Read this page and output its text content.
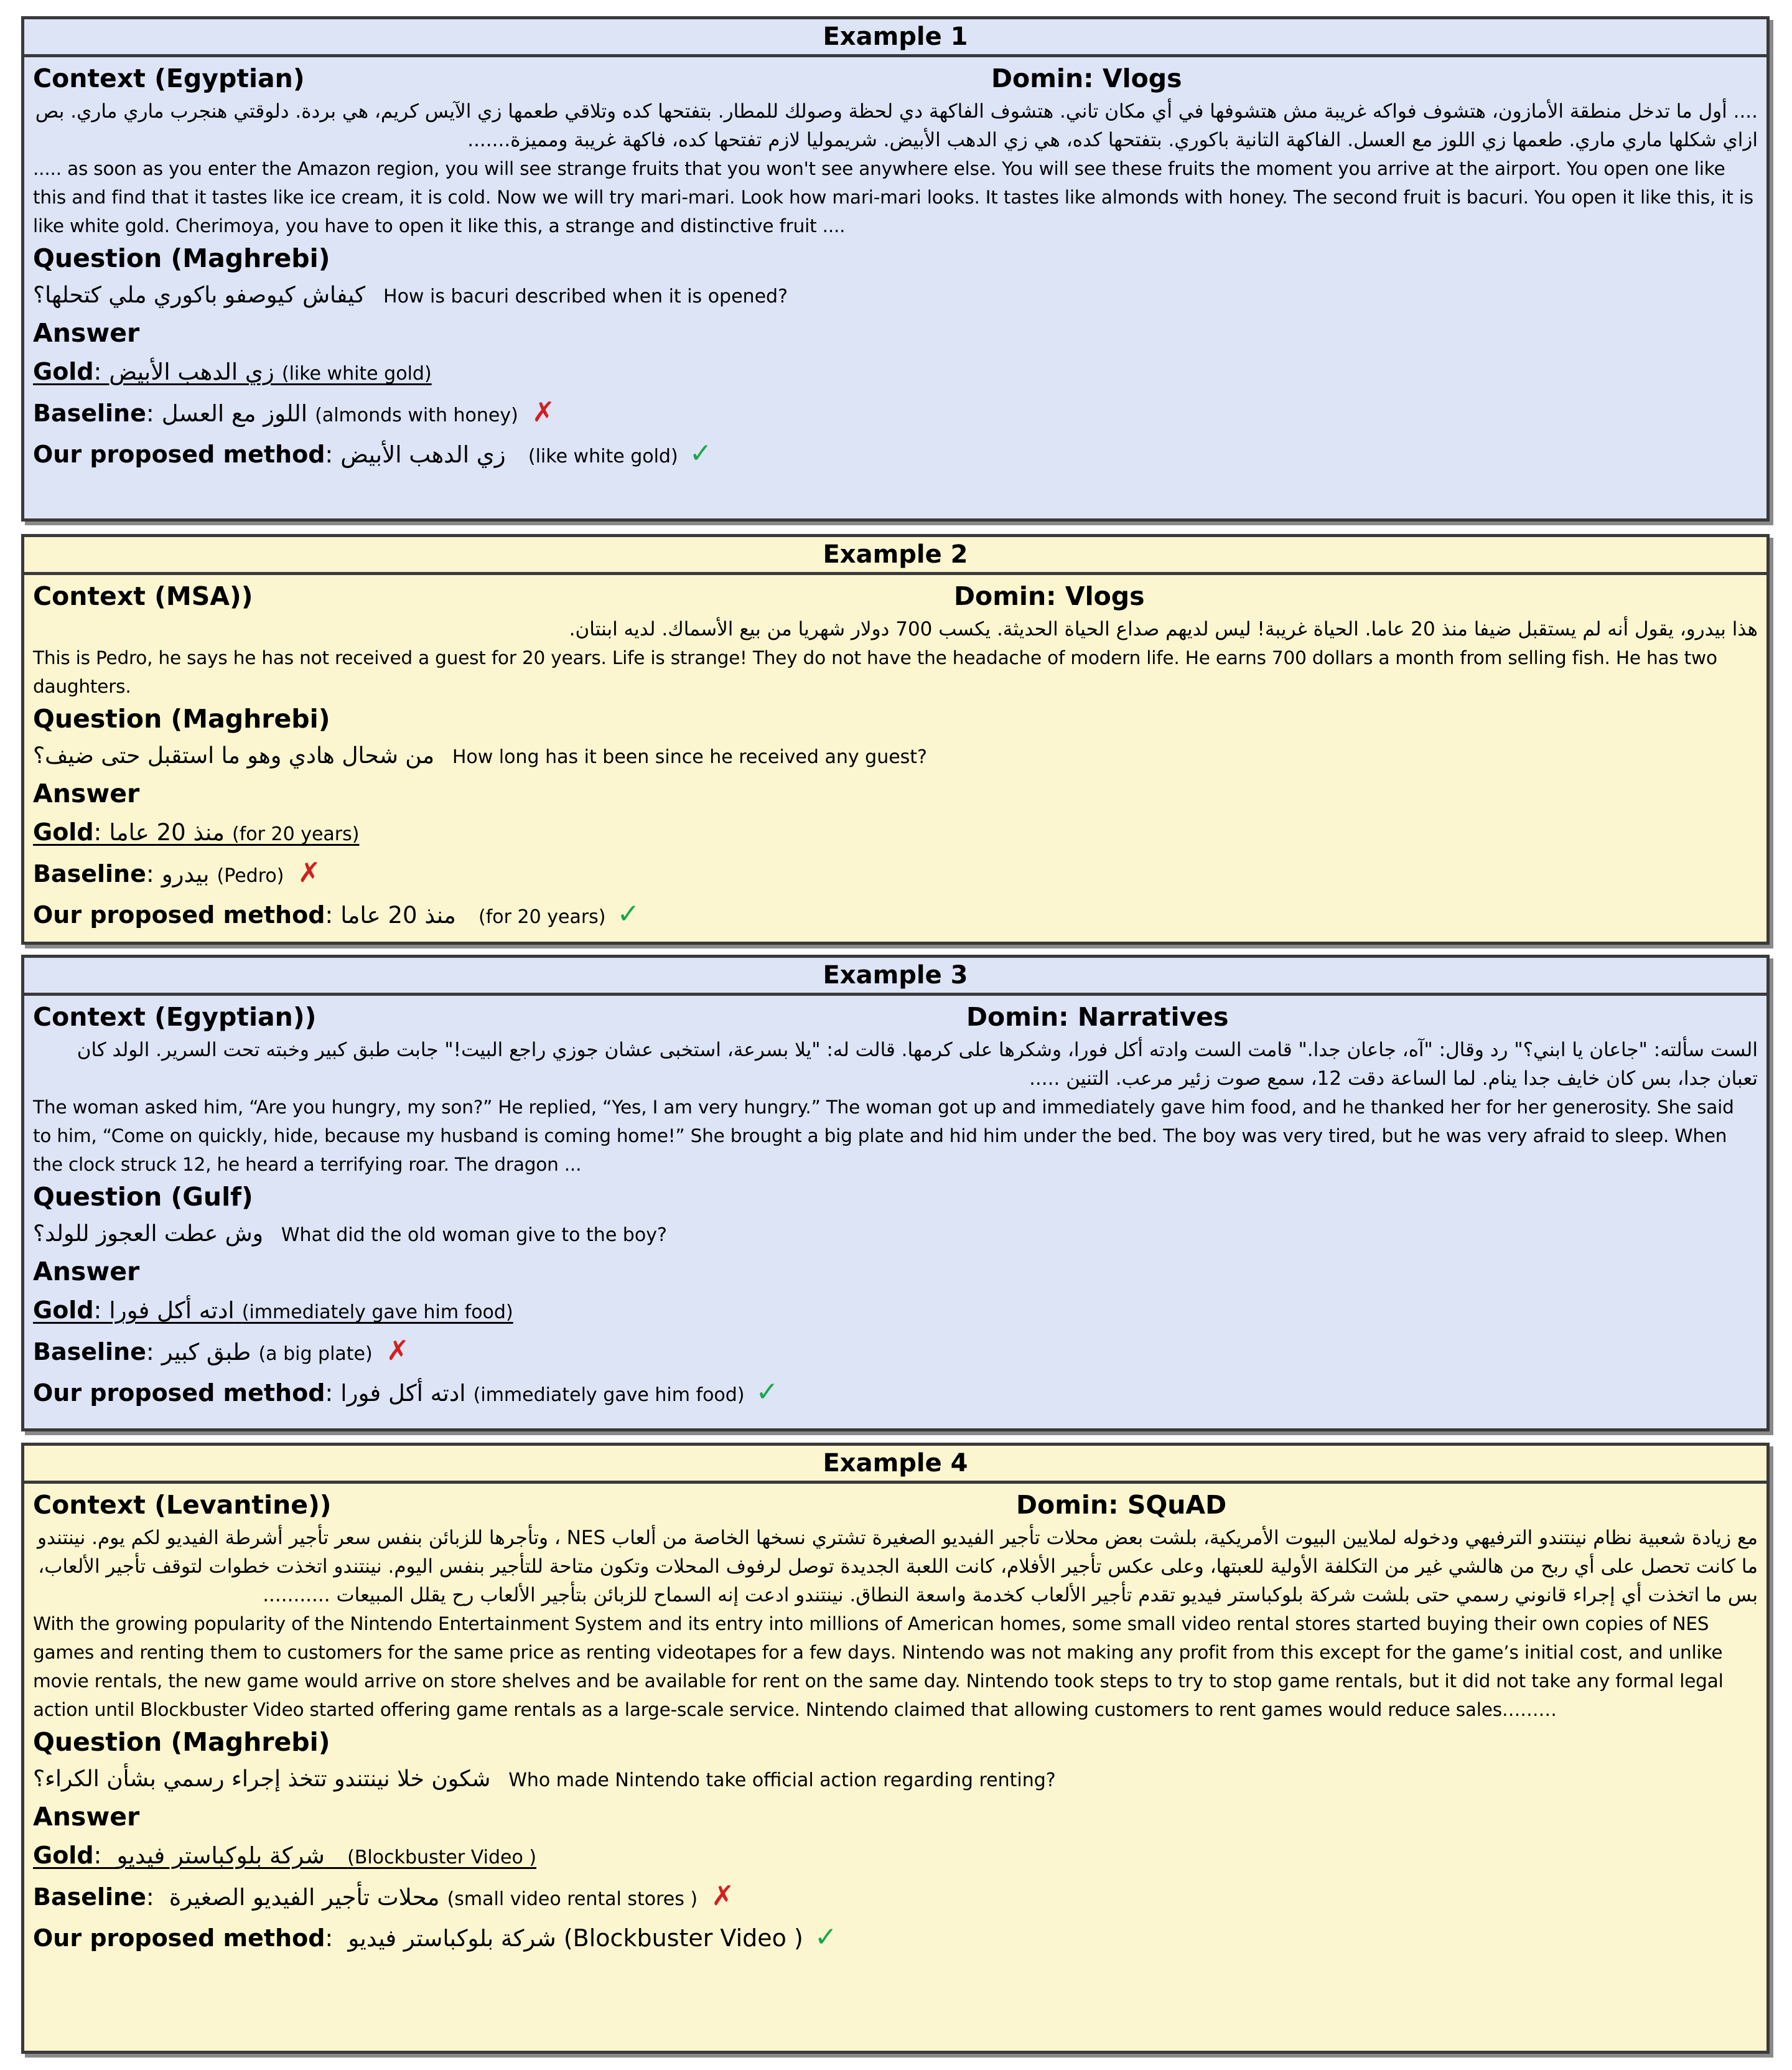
Example 1
Context (Egyptian)	Domin: Vlogs

.... أول ما تدخل منطقة الأمازون، هتشوف فواكه غريبة مش هتشوفها في أي مكان تاني. هتشوف الفاكهة دي لحظة وصولك للمطار. بتفتحها كده وتلاقي طعمها زي الآيس كريم، هي بردة. دلوقتي هنجرب ماري ماري. بص ازاي شكلها ماري ماري. طعمها زي اللوز مع العسل. الفاكهة التانية باكوري. بتفتحها كده، هي زي الدهب الأبيض. شريموليا لازم تفتحها كده، فاكهة غريبة ومميزة.......

..... as soon as you enter the Amazon region, you will see strange fruits that you won't see anywhere else. You will see these fruits the moment you arrive at the airport. You open one like this and find that it tastes like ice cream, it is cold. Now we will try mari-mari. Look how mari-mari looks. It tastes like almonds with honey. The second fruit is bacuri. You open it like this, it is like white gold. Cherimoya, you have to open it like this, a strange and distinctive fruit ....

Question (Maghrebi)
كيفاش كيوصفو باكوري ملي كتحلها؟ How is bacuri described when it is opened?
Answer
Gold: زي الدهب الأبيض (like white gold)
Baseline: اللوز مع العسل (almonds with honey) ✗
Our proposed method: زي الدهب الأبيض (like white gold) ✓
Example 2
Context (MSA))	Domin: Vlogs

هذا بيدرو، يقول أنه لم يستقبل ضيفا منذ 20 عاما. الحياة غريبة! ليس لديهم صداع الحياة الحديثة. يكسب 700 دولار شهريا من بيع الأسماك. لديه ابنتان.

This is Pedro, he says he has not received a guest for 20 years. Life is strange! They do not have the headache of modern life. He earns 700 dollars a month from selling fish. He has two daughters.

Question (Maghrebi)
من شحال هادي وهو ما استقبل حتى ضيف؟ How long has it been since he received any guest?
Answer
Gold: منذ 20 عاما (for 20 years)
Baseline: بيدرو (Pedro) ✗
Our proposed method: منذ 20 عاما (for 20 years) ✓
Example 3
Context (Egyptian))	Domin: Narratives

الست سألته: "جاعان يا ابني؟" رد وقال: "آه، جاعان جدا." قامت الست وادته أكل فورا، وشكرها على كرمها. قالت له: "يلا بسرعة، استخبى عشان جوزي راجع البيت!" جابت طبق كبير وخبته تحت السرير. الولد كان تعبان جدا، بس كان خايف جدا ينام. لما الساعة دقت 12، سمع صوت زئير مرعب. التنين .....

The woman asked him, “Are you hungry, my son?” He replied, “Yes, I am very hungry.” The woman got up and immediately gave him food, and he thanked her for her generosity. She said to him, “Come on quickly, hide, because my husband is coming home!” She brought a big plate and hid him under the bed. The boy was very tired, but he was very afraid to sleep. When the clock struck 12, he heard a terrifying roar. The dragon ...

Question (Gulf)
وش عطت العجوز للولد؟ What did the old woman give to the boy?
Answer
Gold: ادته أكل فورا (immediately gave him food)
Baseline: طبق كبير (a big plate) ✗
Our proposed method: ادته أكل فورا (immediately gave him food) ✓
Example 4
Context (Levantine))	Domin: SQuAD

مع زيادة شعبية نظام نينتندو الترفيهي ودخوله لملايين البيوت الأمريكية، بلشت بعض محلات تأجير الفيديو الصغيرة تشتري نسخها الخاصة من ألعاب NES ، وتأجرها للزبائن بنفس سعر تأجير أشرطة الفيديو لكم يوم. نينتندو ما كانت تحصل على أي ربح من هالشي غير من التكلفة الأولية للعبتها، وعلى عكس تأجير الأفلام، كانت اللعبة الجديدة توصل لرفوف المحلات وتكون متاحة للتأجير بنفس اليوم. نينتندو اتخذت خطوات لتوقف تأجير الألعاب، بس ما اتخذت أي إجراء قانوني رسمي حتى بلشت شركة بلوكباستر فيديو تقدم تأجير الألعاب كخدمة واسعة النطاق. نينتندو ادعت إنه السماح للزبائن بتأجير الألعاب رح يقلل المبيعات ...........

With the growing popularity of the Nintendo Entertainment System and its entry into millions of American homes, some small video rental stores started buying their own copies of NES games and renting them to customers for the same price as renting videotapes for a few days. Nintendo was not making any profit from this except for the game’s initial cost, and unlike movie rentals, the new game would arrive on store shelves and be available for rent on the same day. Nintendo took steps to try to stop game rentals, but it did not take any formal legal action until Blockbuster Video started offering game rentals as a large-scale service. Nintendo claimed that allowing customers to rent games would reduce sales………

Question (Maghrebi)
شكون خلا نينتندو تتخذ إجراء رسمي بشأن الكراء؟ Who made Nintendo take official action regarding renting?
Answer
Gold:  شركة بلوكباستر فيديو (Blockbuster Video )
Baseline:  محلات تأجير الفيديو الصغيرة (small video rental stores ) ✗
Our proposed method:  شركة بلوكباستر فيديو (Blockbuster Video ) ✓
